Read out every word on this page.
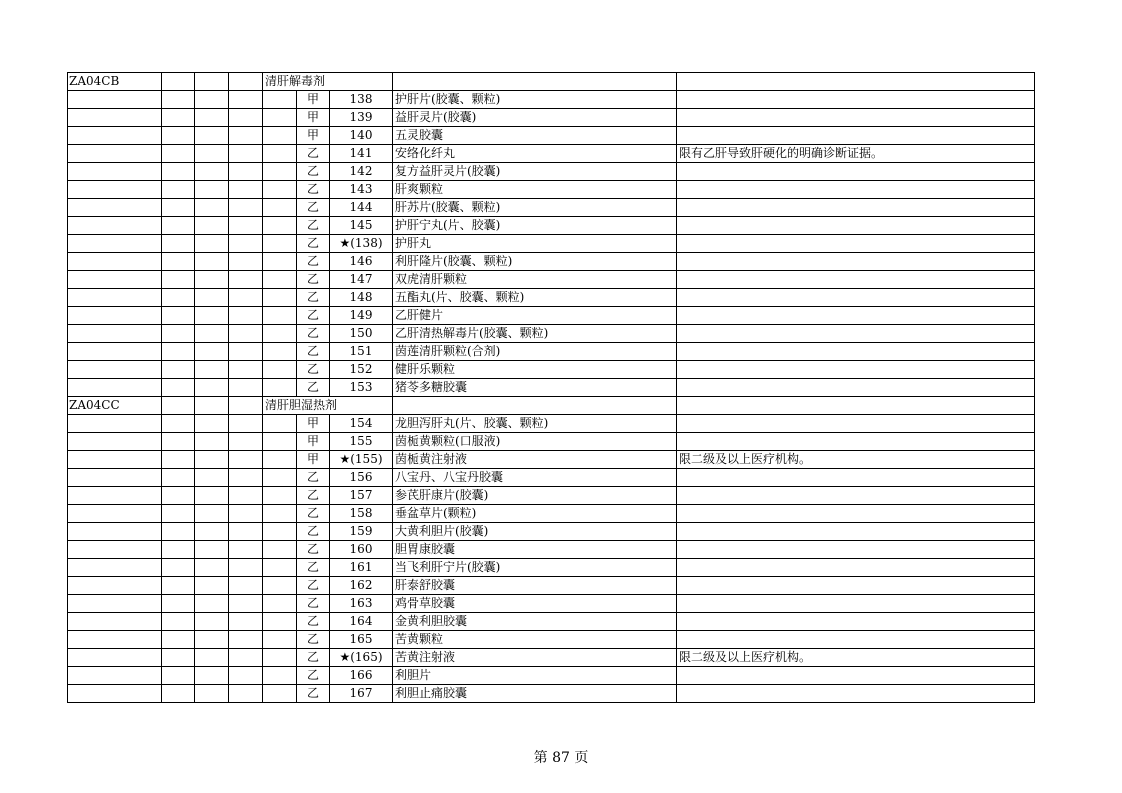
ZA04CB				清肝解毒剂				
					甲	138	护肝片(胶囊、颗粒)	
					甲	139	益肝灵片(胶囊)	
					甲	140	五灵胶囊	
					乙	141	安络化纤丸	限有乙肝导致肝硬化的明确诊断证据。
					乙	142	复方益肝灵片(胶囊)	
					乙	143	肝爽颗粒	
					乙	144	肝苏片(胶囊、颗粒)	
					乙	145	护肝宁丸(片、胶囊)	
					乙	★(138)	护肝丸	
					乙	146	利肝隆片(胶囊、颗粒)	
					乙	147	双虎清肝颗粒	
					乙	148	五酯丸(片、胶囊、颗粒)	
					乙	149	乙肝健片	
					乙	150	乙肝清热解毒片(胶囊、颗粒)	
					乙	151	茵莲清肝颗粒(合剂)	
					乙	152	健肝乐颗粒	
					乙	153	猪苓多糖胶囊	
ZA04CC				清肝胆湿热剂				
					甲	154	龙胆泻肝丸(片、胶囊、颗粒)	
					甲	155	茵栀黄颗粒(口服液)	
					甲	★(155)	茵栀黄注射液	限二级及以上医疗机构。
					乙	156	八宝丹、八宝丹胶囊	
					乙	157	参芪肝康片(胶囊)	
					乙	158	垂盆草片(颗粒)	
					乙	159	大黄利胆片(胶囊)	
					乙	160	胆胃康胶囊	
					乙	161	当飞利肝宁片(胶囊)	
					乙	162	肝泰舒胶囊	
					乙	163	鸡骨草胶囊	
					乙	164	金黄利胆胶囊	
					乙	165	苦黄颗粒	
					乙	★(165)	苦黄注射液	限二级及以上医疗机构。
					乙	166	利胆片	
					乙	167	利胆止痛胶囊	
第 87 页
